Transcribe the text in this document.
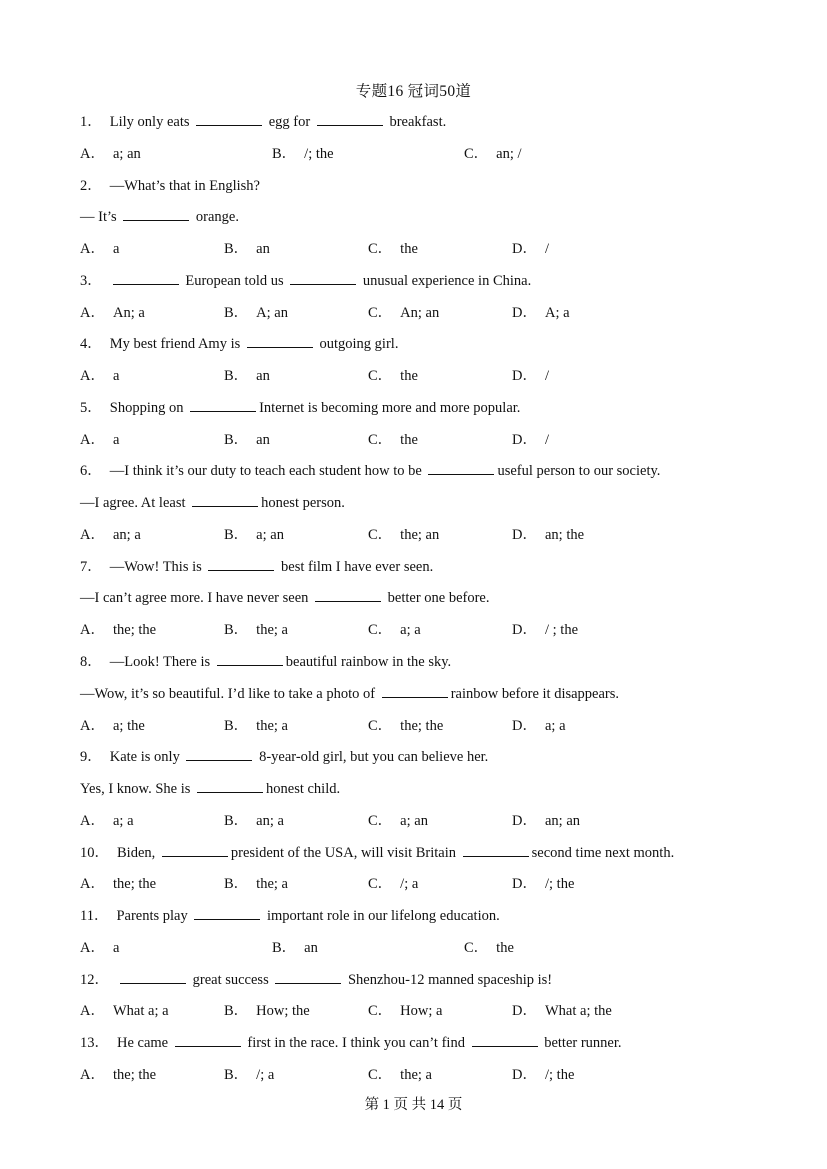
专题16 冠词50道
1． Lily only eats	egg for	breakfast.
A． a; an	B． /; the	C． an; /
2． —What’s that in English?
— It’s	orange.
A． a	B． an	C． the	D． /
3．	European told us	unusual experience in China.
A． An; a	B． A; an	C． An; an	D． A; a
4． My best friend Amy is	outgoing girl.
A． a	B． an	C． the	D． /
5． Shopping on	Internet is becoming more and more popular.
A． a	B． an	C． the	D． /
6． —I think it’s our duty to teach each student how to be	useful person to our society.
—I agree. At least	honest person.
A． an; a	B． a; an	C． the; an	D． an; the
7． —Wow! This is	best film I have ever seen.
—I can’t agree more. I have never seen	better one before.
A． the; the	B． the; a	C． a; a	D． / ; the
8． —Look! There is	beautiful rainbow in the sky.
—Wow, it’s so beautiful. I’d like to take a photo of	rainbow before it disappears.
A． a; the	B． the; a	C． the; the	D． a; a
9． Kate is only	8-year-old girl, but you can believe her.
Yes, I know. She is	honest child.
A． a; a	B． an; a	C． a; an	D． an; an
10． Biden,	president of the USA, will visit Britain	second time next month.
A． the; the	B． the; a	C． /; a	D． /; the
11． Parents play	important role in our lifelong education.
A． a	B． an	C． the
12．	great success	Shenzhou-12 manned spaceship is!
A． What a; a	B． How; the	C． How; a	D． What a; the
13． He came	first in the race. I think you can’t find	better runner.
A． the; the	B． /; a	C． the; a	D． /; the
第 1 页 共 14 页
